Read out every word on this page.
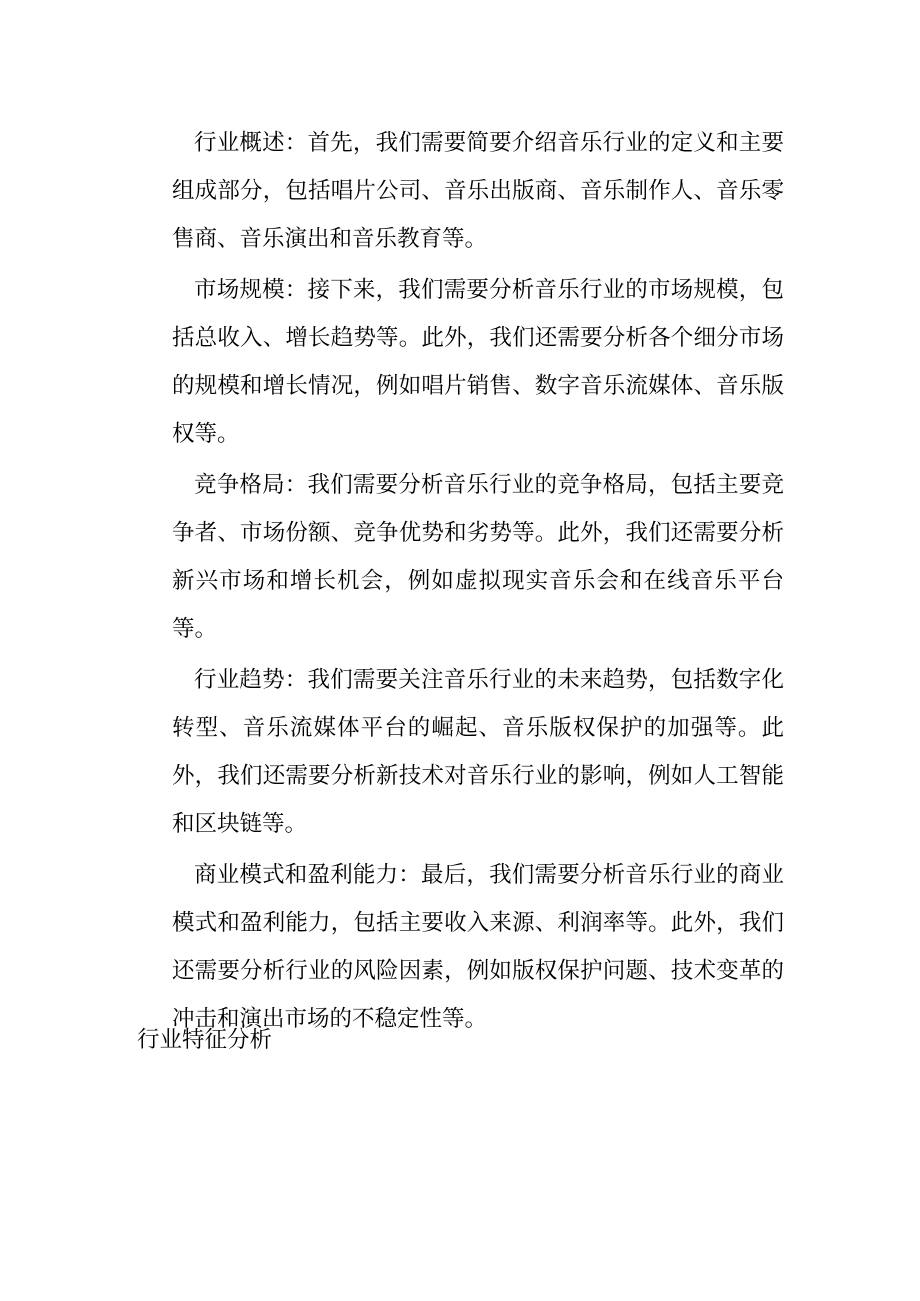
行业概述：首先，我们需要简要介绍音乐行业的定义和主要组成部分，包括唱片公司、音乐出版商、音乐制作人、音乐零售商、音乐演出和音乐教育等。

市场规模：接下来，我们需要分析音乐行业的市场规模，包括总收入、增长趋势等。此外，我们还需要分析各个细分市场的规模和增长情况，例如唱片销售、数字音乐流媒体、音乐版权等。

竞争格局：我们需要分析音乐行业的竞争格局，包括主要竞争者、市场份额、竞争优势和劣势等。此外，我们还需要分析新兴市场和增长机会，例如虚拟现实音乐会和在线音乐平台等。

行业趋势：我们需要关注音乐行业的未来趋势，包括数字化转型、音乐流媒体平台的崛起、音乐版权保护的加强等。此外，我们还需要分析新技术对音乐行业的影响，例如人工智能和区块链等。

商业模式和盈利能力：最后，我们需要分析音乐行业的商业模式和盈利能力，包括主要收入来源、利润率等。此外，我们还需要分析行业的风险因素，例如版权保护问题、技术变革的冲击和演出市场的不稳定性等。

行业特征分析
